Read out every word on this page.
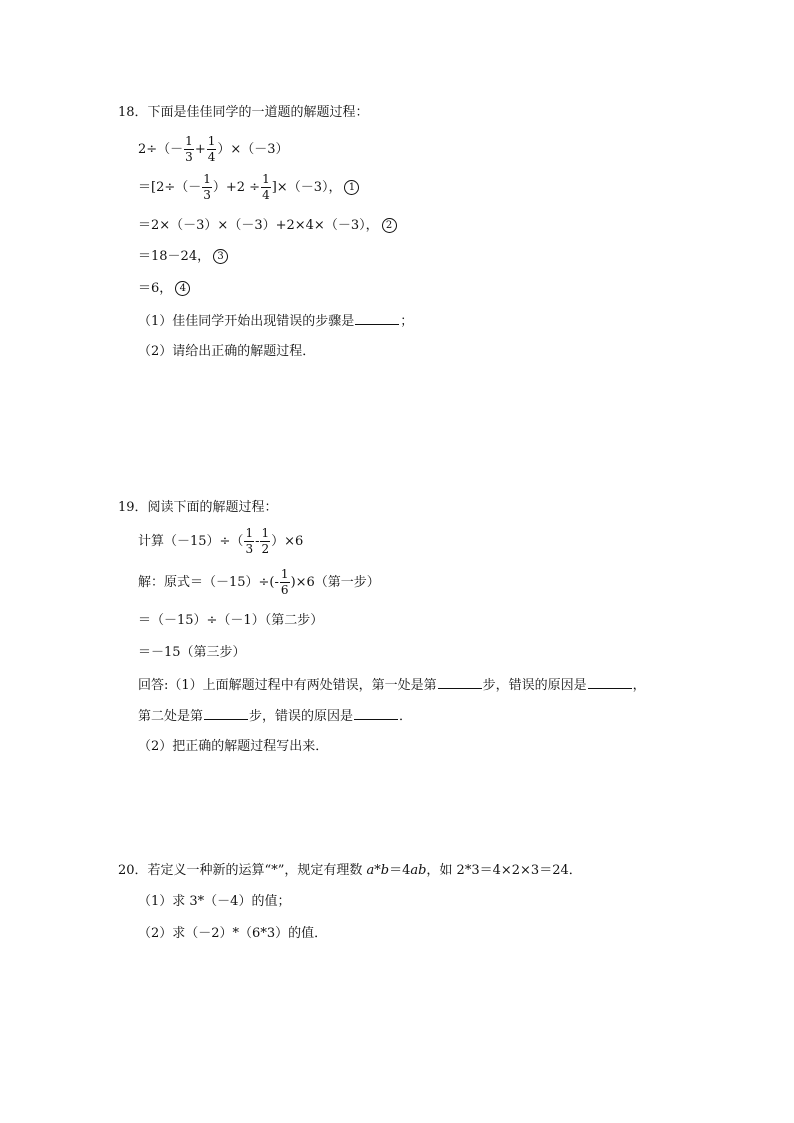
18．下面是佳佳同学的一道题的解题过程：
$2\div(- \frac{1}{3} + \frac{1}{4} )\times(-3)$
$=[2\div(- \frac{1}{3} )+2 \div \frac{1}{4} ]\times(-3)$， 1
＝2×（－3）×（－3）+2×4×（－3）， 2
＝18－24， 3
＝6， 4
（1）佳佳同学开始出现错误的步骤是	；
（2）请给出正确的解题过程．
19．阅读下面的解题过程：
计算$(-15)\div( \frac{1}{3} - \frac{1}{2} )\times 6$
解：原式$=(-15)\div(- \frac{1}{6} )\times 6$（第一步）
＝（－15）÷（－1）（第二步）
＝－15（第三步）
回答:（1）上面解题过程中有两处错误，第一处是第	步，错误的原因是	，
第二处是第	步，错误的原因是	．
（2）把正确的解题过程写出来．
20．若定义一种新的运算“*”，规定有理数 a*b＝4ab，如 2*3＝4×2×3＝24．
（1）求 3*（－4）的值；
（2）求（－2）*（6*3）的值．
